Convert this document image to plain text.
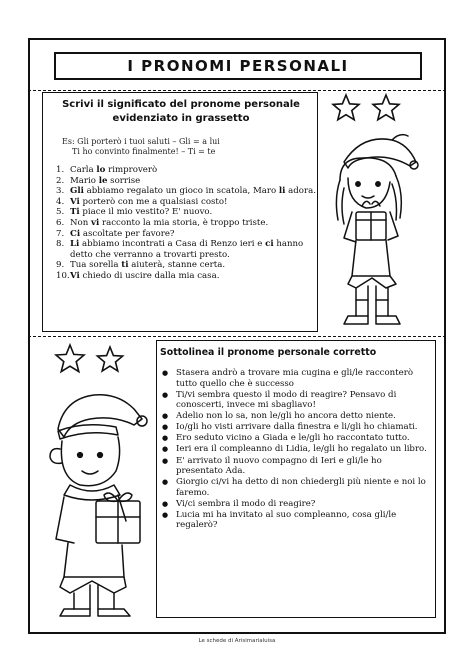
I PRONOMI PERSONALI
Scrivi il significato del pronome personale
evidenziato in grassetto
Es: Gli porterò i tuoi saluti – Gli = a lui
Ti ho convinto finalmente! – Ti = te
1. Carla lo rimproverò
2. Mario le sorrise
3. Gli abbiamo regalato un gioco in scatola, Maro li adora.
4. Vi porterò con me a qualsiasi costo!
5. Ti piace il mio vestito? E' nuovo.
6. Non vi racconto la mia storia, è troppo triste.
7. Ci ascoltate per favore?
8. Li abbiamo incontrati a Casa di Renzo ieri e ci hanno detto che verranno a trovarti presto.
9. Tua sorella ti aiuterà, stanne certa.
10. Vi chiedo di uscire dalla mia casa.
Sottolinea il pronome personale corretto
● Stasera andrò a trovare mia cugina e gli/le racconterò tutto quello che è successo
● Ti/vi sembra questo il modo di reagire? Pensavo di conoscerti, invece mi sbagliavo!
● Adelio non lo sa, non le/gli ho ancora detto niente.
● Io/gli ho visti arrivare dalla finestra e li/gli ho chiamati.
● Ero seduto vicino a Giada e le/gli ho raccontato tutto.
● Ieri era il compleanno di Lidia, le/gli ho regalato un libro.
● E' arrivato il nuovo compagno di Ieri e gli/le ho presentato Ada.
● Giorgio ci/vi ha detto di non chiedergli più niente e noi lo faremo.
● Vi/ci sembra il modo di reagire?
● Lucia mi ha invitato al suo compleanno, cosa gli/le regalerò?
Le schede di Arisimarialuisa
